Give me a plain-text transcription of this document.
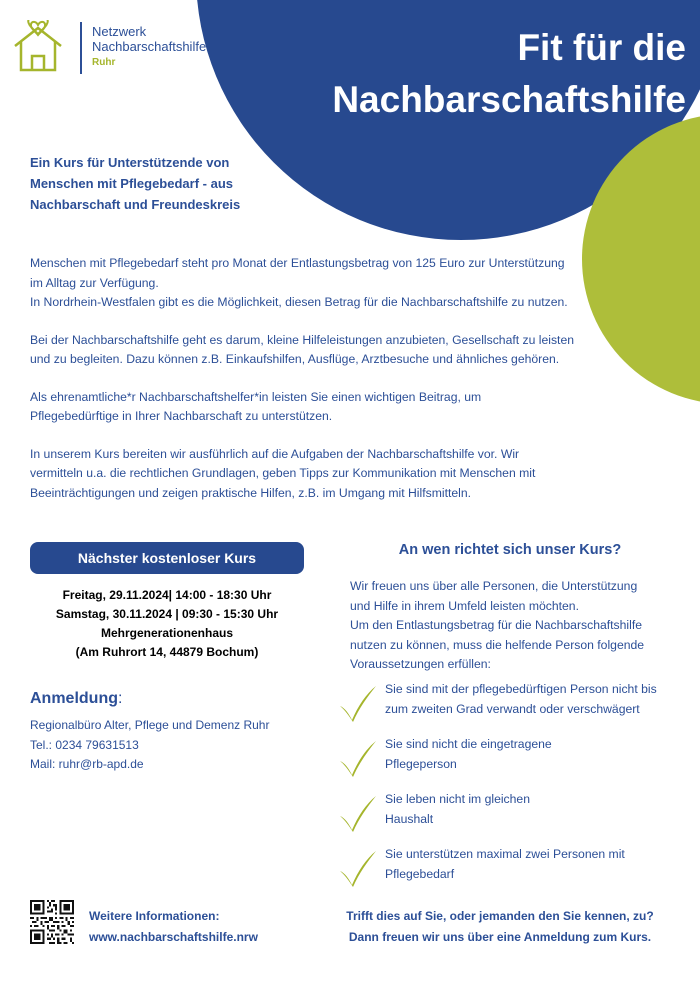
Netzwerk
Nachbarschaftshilfe
Ruhr	Fit für die
Nachbarschaftshilfe
Ein Kurs für Unterstützende von
Menschen mit Pflegebedarf - aus
Nachbarschaft und Freundeskreis

Menschen mit Pflegebedarf steht pro Monat der Entlastungsbetrag von 125 Euro zur Unterstützung
im Alltag zur Verfügung.
In Nordrhein-Westfalen gibt es die Möglichkeit, diesen Betrag für die Nachbarschaftshilfe zu nutzen.

Bei der Nachbarschaftshilfe geht es darum, kleine Hilfeleistungen anzubieten, Gesellschaft zu leisten
und zu begleiten. Dazu können z.B. Einkaufshilfen, Ausflüge, Arztbesuche und ähnliches gehören.

Als ehrenamtliche*r Nachbarschaftshelfer*in leisten Sie einen wichtigen Beitrag, um
Pflegebedürftige in Ihrer Nachbarschaft zu unterstützen.

In unserem Kurs bereiten wir ausführlich auf die Aufgaben der Nachbarschaftshilfe vor. Wir
vermitteln u.a. die rechtlichen Grundlagen, geben Tipps zur Kommunikation mit Menschen mit
Beeinträchtigungen und zeigen praktische Hilfen, z.B. im Umgang mit Hilfsmitteln.

Nächster kostenloser Kurs
Freitag, 29.11.2024| 14:00 - 18:30 Uhr
Samstag, 30.11.2024 | 09:30 - 15:30 Uhr
Mehrgenerationenhaus
(Am Ruhrort 14, 44879 Bochum)
Anmeldung:
Regionalbüro Alter, Pflege und Demenz Ruhr
Tel.: 0234 79631513
Mail: ruhr@rb-apd.de
An wen richtet sich unser Kurs?
Wir freuen uns über alle Personen, die Unterstützung
und Hilfe in ihrem Umfeld leisten möchten.
Um den Entlastungsbetrag für die Nachbarschaftshilfe
nutzen zu können, muss die helfende Person folgende
Voraussetzungen erfüllen:
Sie sind mit der pflegebedürftigen Person nicht bis
zum zweiten Grad verwandt oder verschwägert
Sie sind nicht die eingetragene
Pflegeperson
Sie leben nicht im gleichen
Haushalt
Sie unterstützen maximal zwei Personen mit
Pflegebedarf
Weitere Informationen:
www.nachbarschaftshilfe.nrw
Trifft dies auf Sie, oder jemanden den Sie kennen, zu?
Dann freuen wir uns über eine Anmeldung zum Kurs.
